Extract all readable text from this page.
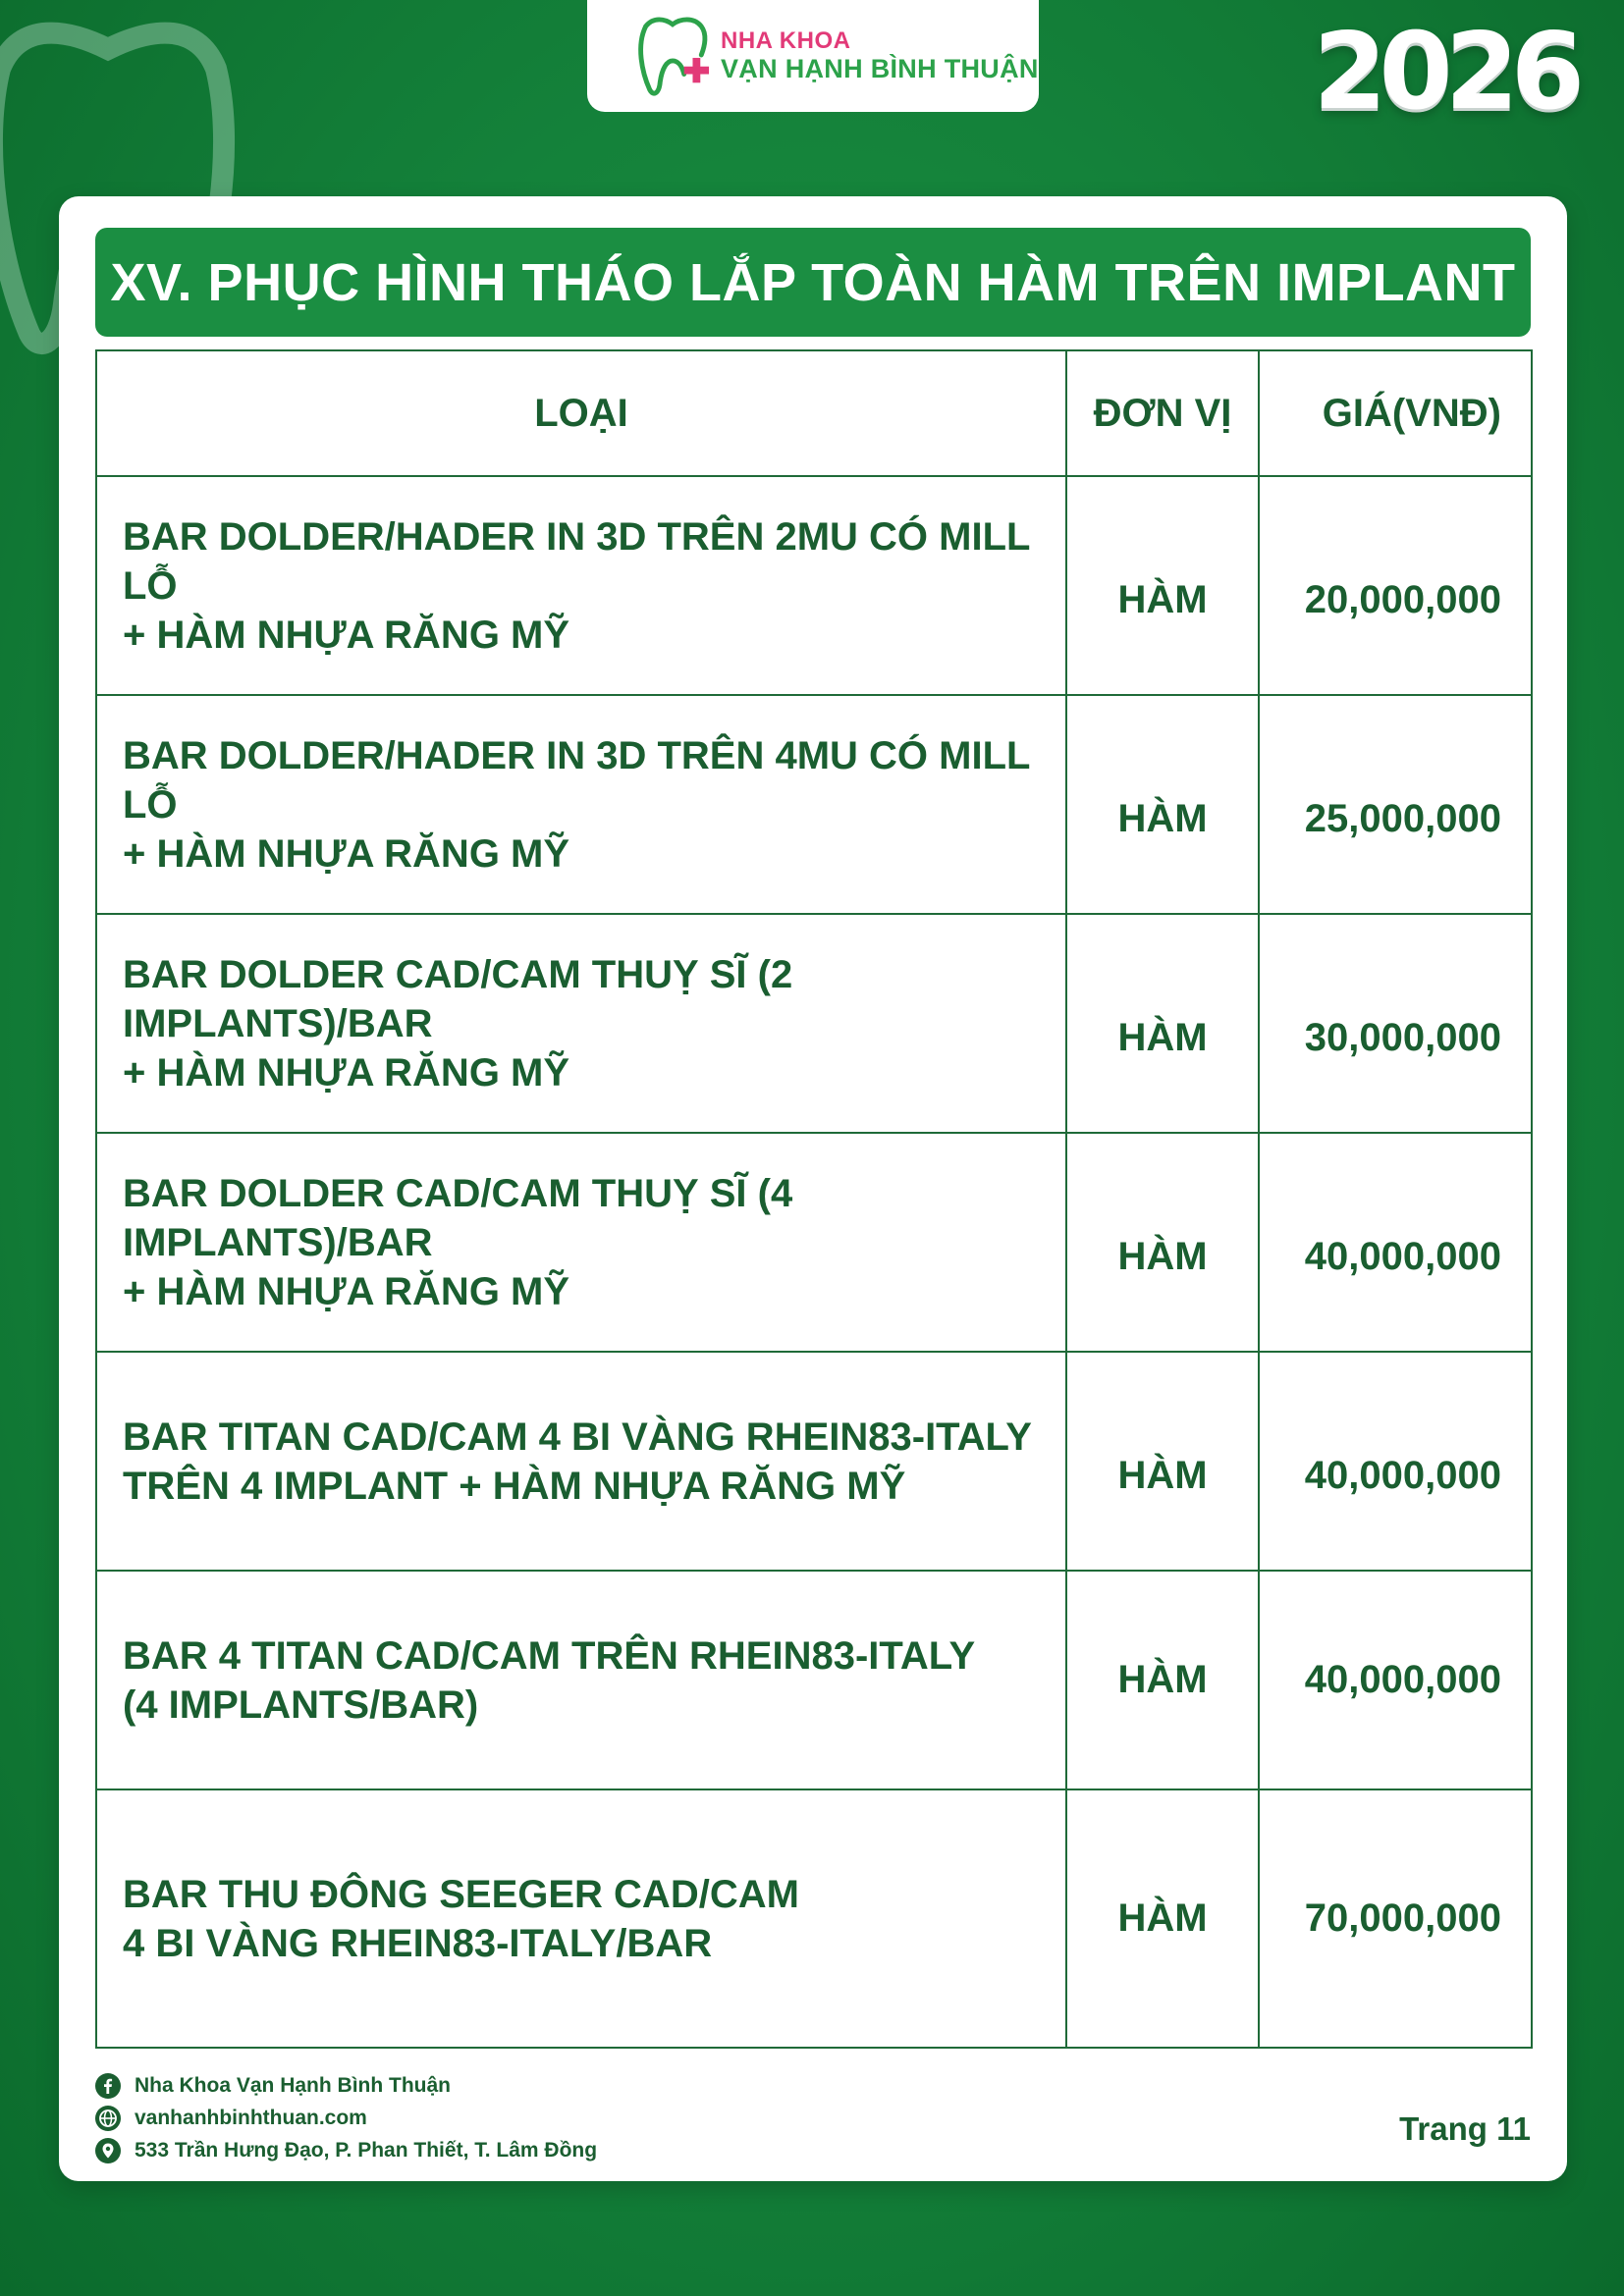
NHA KHOA
VẠN HẠNH BÌNH THUẬN	2026
XV. PHỤC HÌNH THÁO LẮP TOÀN HÀM TRÊN IMPLANT
LOẠI	ĐƠN VỊ	GIÁ(VNĐ)

BAR DOLDER/HADER IN 3D TRÊN 2MU CÓ MILL LỖ
+ HÀM NHỰA RĂNG MỸ	HÀM	20,000,000

BAR DOLDER/HADER IN 3D TRÊN 4MU CÓ MILL LỖ
+ HÀM NHỰA RĂNG MỸ	HÀM	25,000,000

BAR DOLDER CAD/CAM THUỴ SĨ (2 IMPLANTS)/BAR
+ HÀM NHỰA RĂNG MỸ	HÀM	30,000,000

BAR DOLDER CAD/CAM THUỴ SĨ (4 IMPLANTS)/BAR
+ HÀM NHỰA RĂNG MỸ	HÀM	40,000,000

BAR TITAN CAD/CAM 4 BI VÀNG RHEIN83-ITALY
TRÊN 4 IMPLANT + HÀM NHỰA RĂNG MỸ	HÀM	40,000,000

BAR 4 TITAN CAD/CAM TRÊN RHEIN83-ITALY
(4 IMPLANTS/BAR)	HÀM	40,000,000

BAR THU ĐÔNG SEEGER CAD/CAM
4 BI VÀNG RHEIN83-ITALY/BAR	HÀM	70,000,000
Nha Khoa Vạn Hạnh Bình Thuận
vanhanhbinhthuan.com
533 Trần Hưng Đạo, P. Phan Thiết, T. Lâm Đồng
Trang 11
